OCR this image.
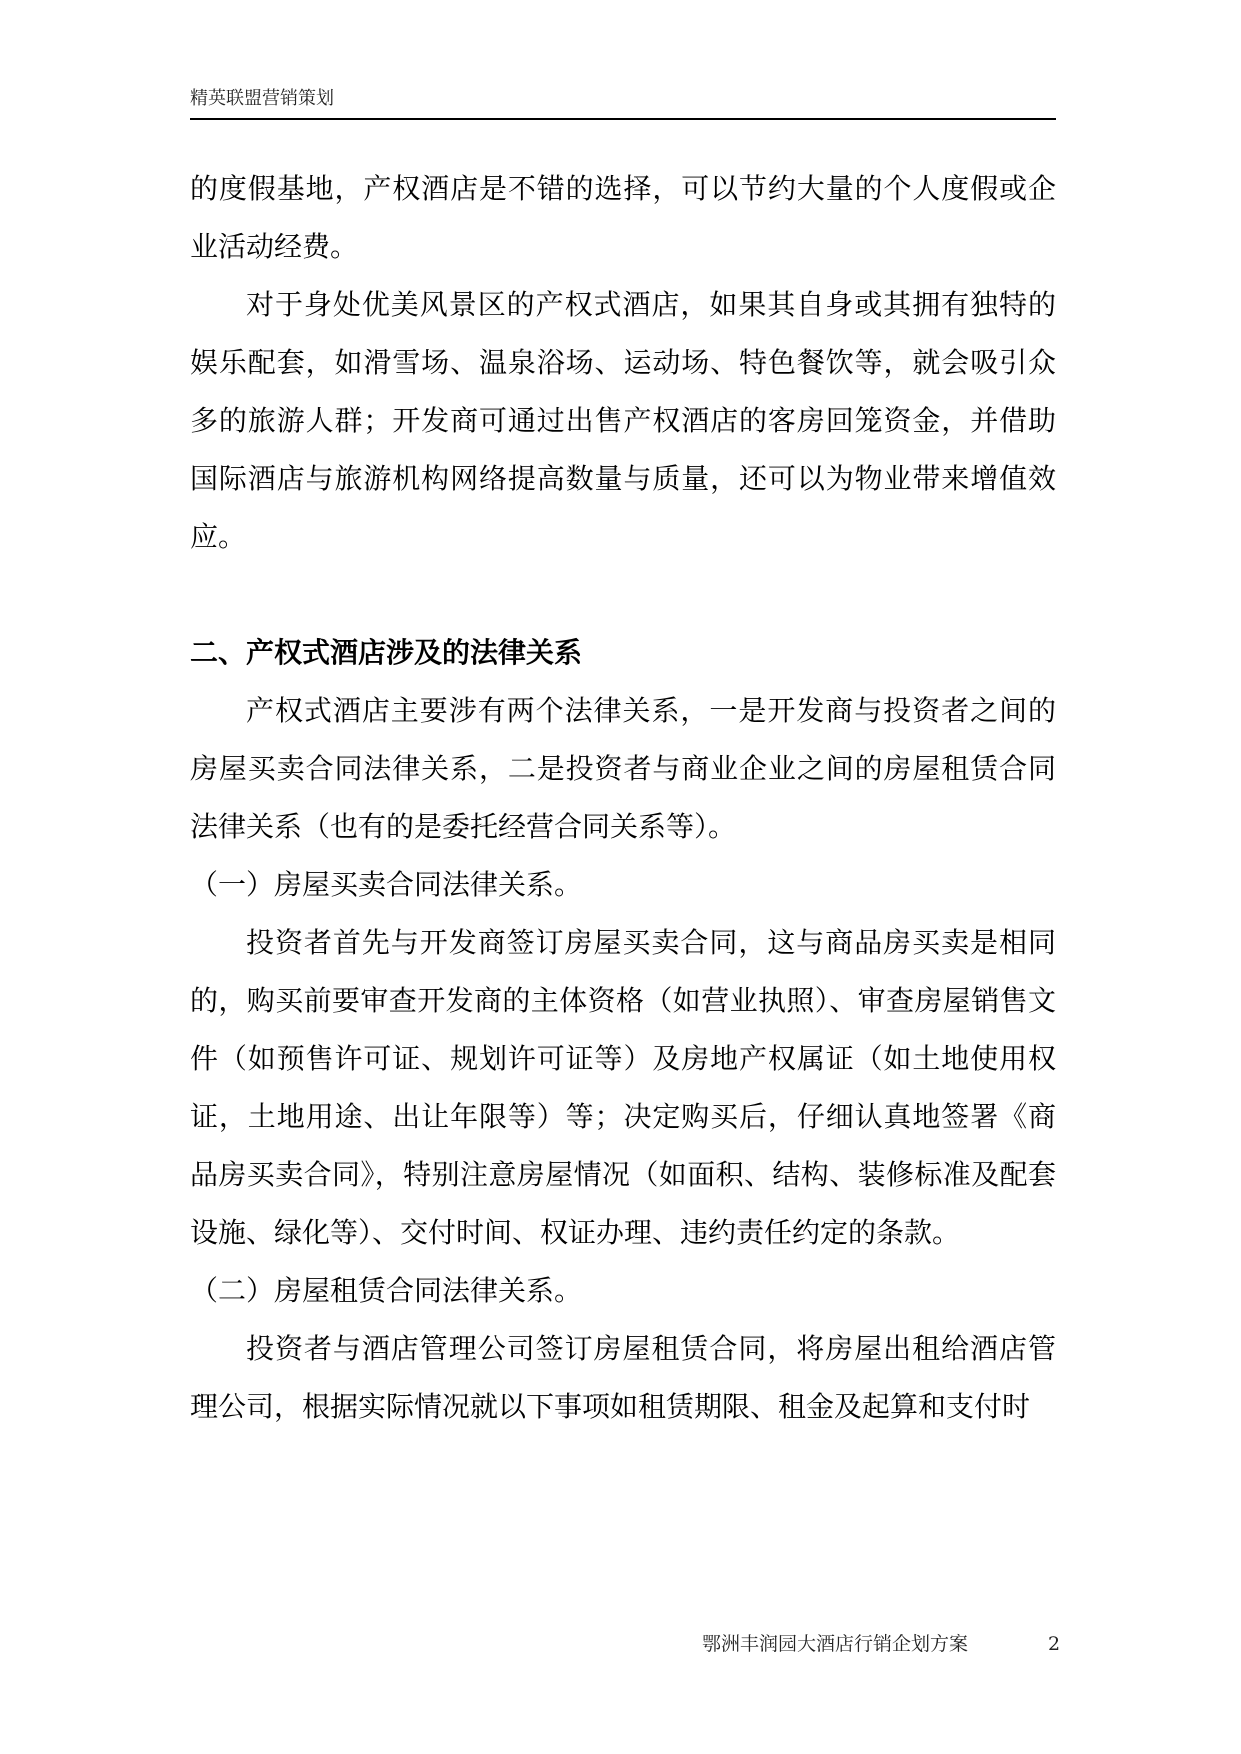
精英联盟营销策划

的度假基地，产权酒店是不错的选择，可以节约大量的个人度假或企业活动经费。

对于身处优美风景区的产权式酒店，如果其自身或其拥有独特的娱乐配套，如滑雪场、温泉浴场、运动场、特色餐饮等，就会吸引众多的旅游人群；开发商可通过出售产权酒店的客房回笼资金，并借助国际酒店与旅游机构网络提高数量与质量，还可以为物业带来增值效应。

二、产权式酒店涉及的法律关系

产权式酒店主要涉有两个法律关系，一是开发商与投资者之间的房屋买卖合同法律关系，二是投资者与商业企业之间的房屋租赁合同法律关系（也有的是委托经营合同关系等）。

（一）房屋买卖合同法律关系。

投资者首先与开发商签订房屋买卖合同，这与商品房买卖是相同的，购买前要审查开发商的主体资格（如营业执照）、审查房屋销售文件（如预售许可证、规划许可证等）及房地产权属证（如土地使用权证，土地用途、出让年限等）等；决定购买后，仔细认真地签署《商品房买卖合同》，特别注意房屋情况（如面积、结构、装修标准及配套设施、绿化等）、交付时间、权证办理、违约责任约定的条款。

（二）房屋租赁合同法律关系。

投资者与酒店管理公司签订房屋租赁合同，将房屋出租给酒店管理公司，根据实际情况就以下事项如租赁期限、租金及起算和支付时

鄂洲丰润园大酒店行销企划方案	2
